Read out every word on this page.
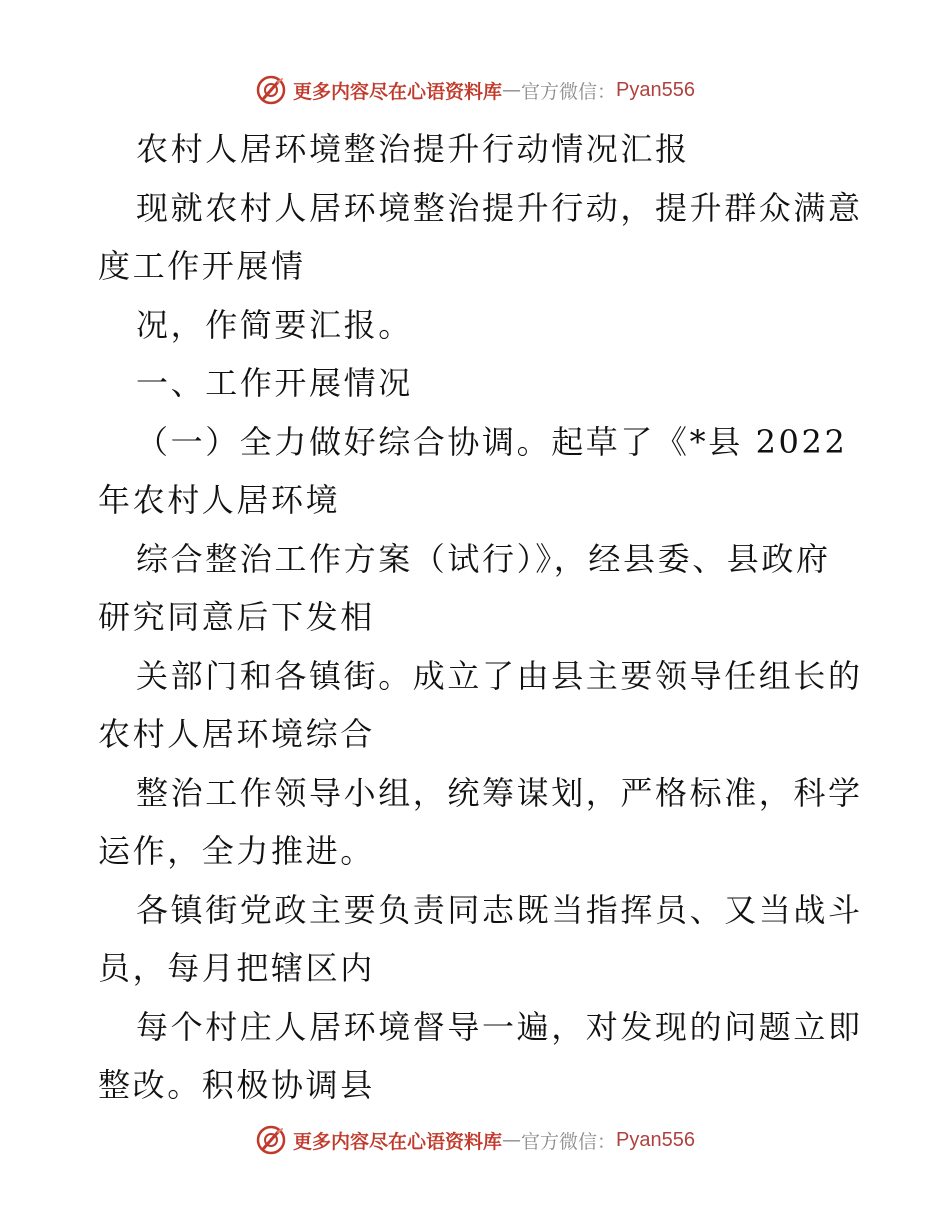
更多内容尽在心语资料库 — 官方微信： Pyan556
农村人居环境整治提升行动情况汇报
现就农村人居环境整治提升行动，提升群众满意
度工作开展情
况，作简要汇报。
一、工作开展情况
（一）全力做好综合协调。起草了《*县 2022
年农村人居环境
综合整治工作方案（试行）》，经县委、县政府
研究同意后下发相
关部门和各镇街。成立了由县主要领导任组长的
农村人居环境综合
整治工作领导小组，统筹谋划，严格标准，科学
运作，全力推进。
各镇街党政主要负责同志既当指挥员、又当战斗
员，每月把辖区内
每个村庄人居环境督导一遍，对发现的问题立即
整改。积极协调县
更多内容尽在心语资料库 — 官方微信： Pyan556
